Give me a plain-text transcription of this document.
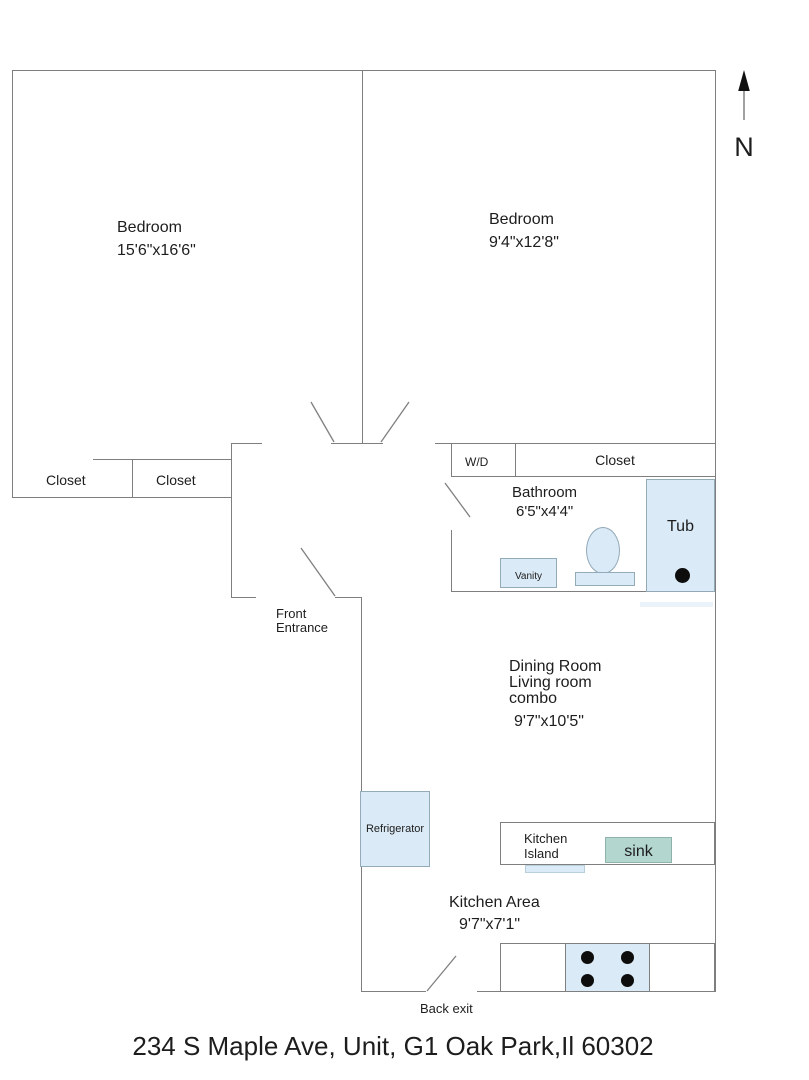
Bedroom
15'6"x16'6"
Bedroom
9'4"x12'8"
Closet	Closet
W/D	Closet
Bathroom
6'5"x4'4"
Tub
Vanity
Front
Entrance
Dining Room
Living room
combo
9'7"x10'5"
Refrigerator
Kitchen
Island	sink
Kitchen Area
9'7"x7'1"
Back exit
N
234 S Maple Ave, Unit, G1 Oak Park,Il 60302
